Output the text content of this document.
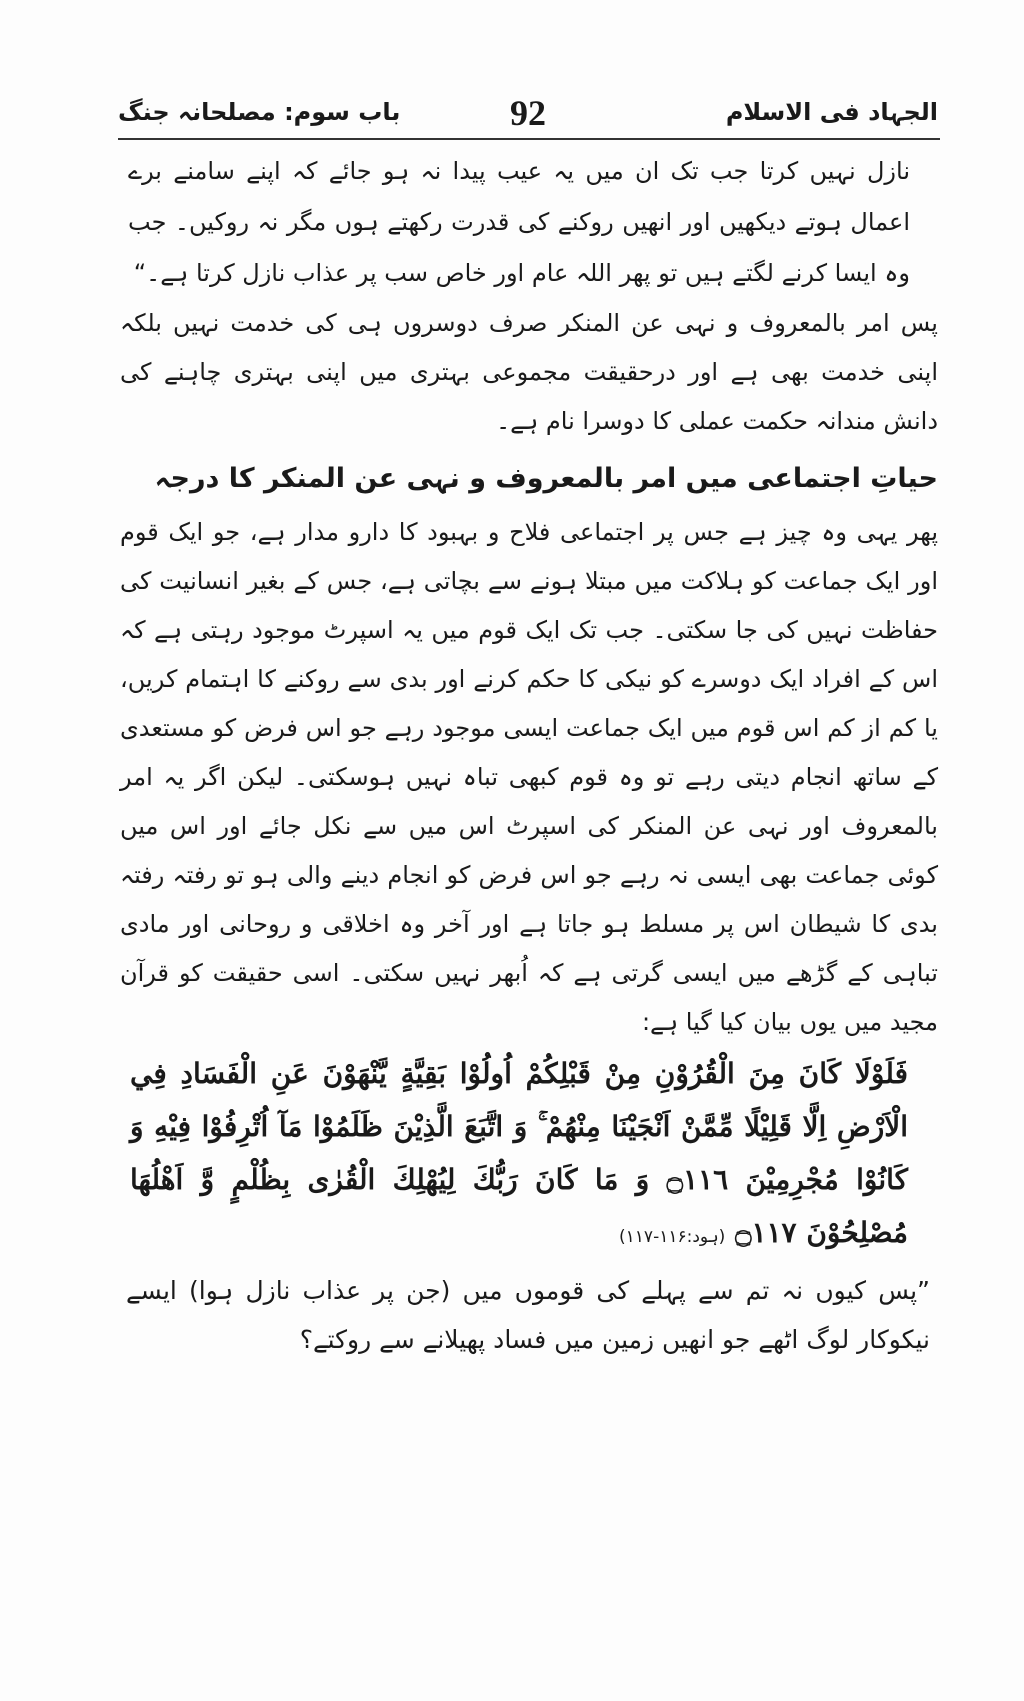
الجہاد فی الاسلام
92
باب سوم: مصلحانہ جنگ

نازل نہیں کرتا جب تک ان میں یہ عیب پیدا نہ ہو جائے کہ اپنے سامنے برے اعمال ہوتے دیکھیں اور انھیں روکنے کی قدرت رکھتے ہوں مگر نہ روکیں۔ جب وہ ایسا کرنے لگتے ہیں تو پھر اللہ عام اور خاص سب پر عذاب نازل کرتا ہے۔“

پس امر بالمعروف و نہی عن المنکر صرف دوسروں ہی کی خدمت نہیں بلکہ اپنی خدمت بھی ہے اور درحقیقت مجموعی بہتری میں اپنی بہتری چاہنے کی دانش مندانہ حکمت عملی کا دوسرا نام ہے۔

حیاتِ اجتماعی میں امر بالمعروف و نہی عن المنکر کا درجہ

پھر یہی وہ چیز ہے جس پر اجتماعی فلاح و بہبود کا دارو مدار ہے، جو ایک قوم اور ایک جماعت کو ہلاکت میں مبتلا ہونے سے بچاتی ہے، جس کے بغیر انسانیت کی حفاظت نہیں کی جا سکتی۔ جب تک ایک قوم میں یہ اسپرٹ موجود رہتی ہے کہ اس کے افراد ایک دوسرے کو نیکی کا حکم کرنے اور بدی سے روکنے کا اہتمام کریں، یا کم از کم اس قوم میں ایک جماعت ایسی موجود رہے جو اس فرض کو مستعدی کے ساتھ انجام دیتی رہے تو وہ قوم کبھی تباہ نہیں ہوسکتی۔ لیکن اگر یہ امر بالمعروف اور نہی عن المنکر کی اسپرٹ اس میں سے نکل جائے اور اس میں کوئی جماعت بھی ایسی نہ رہے جو اس فرض کو انجام دینے والی ہو تو رفتہ رفتہ بدی کا شیطان اس پر مسلط ہو جاتا ہے اور آخر وہ اخلاقی و روحانی اور مادی تباہی کے گڑھے میں ایسی گرتی ہے کہ اُبھر نہیں سکتی۔ اسی حقیقت کو قرآن مجید میں یوں بیان کیا گیا ہے:

فَلَوْلَا كَانَ مِنَ الْقُرُوْنِ مِنْ قَبْلِكُمْ اُولُوْا بَقِيَّةٍ يَّنْهَوْنَ عَنِ الْفَسَادِ فِي الْاَرْضِ اِلَّا قَلِيْلًا مِّمَّنْ اَنْجَيْنَا مِنْهُمْ ۚ وَ اتَّبَعَ الَّذِيْنَ ظَلَمُوْا مَآ اُتْرِفُوْا فِيْهِ وَ كَانُوْا مُجْرِمِيْنَ ۝١١٦ وَ مَا كَانَ رَبُّكَ لِيُهْلِكَ الْقُرٰى بِظُلْمٍ وَّ اَهْلُهَا مُصْلِحُوْنَ ۝١١٧ (ہود:۱۱۶-۱۱۷)

”پس کیوں نہ تم سے پہلے کی قوموں میں (جن پر عذاب نازل ہوا) ایسے نیکوکار لوگ اٹھے جو انھیں زمین میں فساد پھیلانے سے روکتے؟
